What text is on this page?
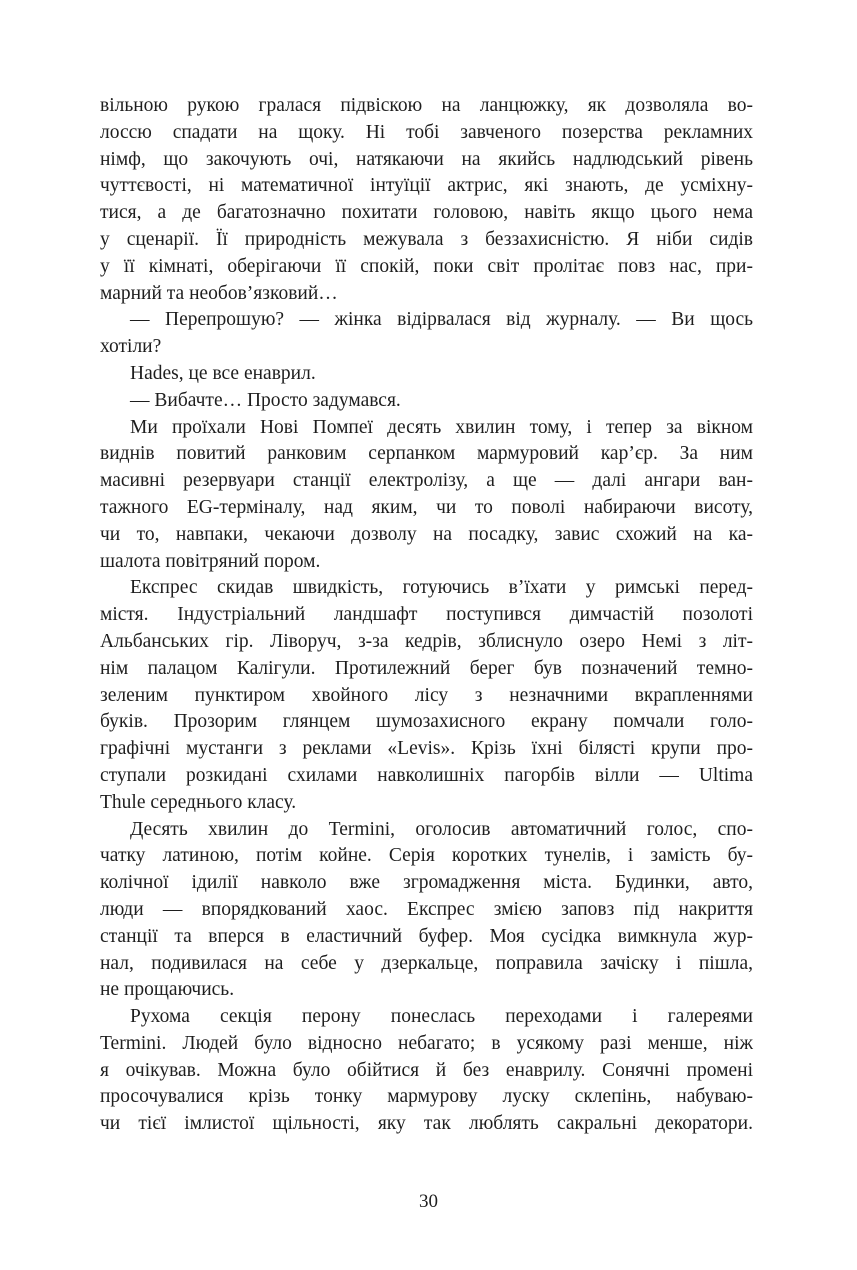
вільною рукою гралася підвіскою на ланцюжку, як дозволяла во-
лоссю спадати на щоку. Ні тобі завченого позерства рекламних
німф, що закочують очі, натякаючи на якийсь надлюдський рівень
чуттєвості, ні математичної інтуїції актрис, які знають, де усміхну-
тися, а де багатозначно похитати головою, навіть якщо цього нема
у сценарії. Її природність межувала з беззахисністю. Я ніби сидів
у її кімнаті, оберігаючи її спокій, поки світ пролітає повз нас, при-
марний та необов’язковий…
— Перепрошую? — жінка відірвалася від журналу. — Ви щось
хотіли?
Hades, це все енаврил.
— Вибачте… Просто задумався.
Ми проїхали Нові Помпеї десять хвилин тому, і тепер за вікном
виднів повитий ранковим серпанком мармуровий кар’єр. За ним
масивні резервуари станції електролізу, а ще — далі ангари ван-
тажного EG-терміналу, над яким, чи то поволі набираючи висоту,
чи то, навпаки, чекаючи дозволу на посадку, завис схожий на ка-
шалота повітряний пором.
Експрес скидав швидкість, готуючись в’їхати у римські перед-
містя. Індустріальний ландшафт поступився димчастій позолоті
Альбанських гір. Ліворуч, з-за кедрів, зблиснуло озеро Немі з літ-
нім палацом Калігули. Протилежний берег був позначений темно-
зеленим пунктиром хвойного лісу з незначними вкрапленнями
буків. Прозорим глянцем шумозахисного екрану помчали голо-
графічні мустанги з реклами «Levis». Крізь їхні білясті крупи про-
ступали розкидані схилами навколишніх пагорбів вілли — Ultima
Thule середнього класу.
Десять хвилин до Termini, оголосив автоматичний голос, спо-
чатку латиною, потім койне. Серія коротких тунелів, і замість бу-
колічної ідилії навколо вже згромадження міста. Будинки, авто,
люди — впорядкований хаос. Експрес змією заповз під накриття
станції та вперся в еластичний буфер. Моя сусідка вимкнула жур-
нал, подивилася на себе у дзеркальце, поправила зачіску і пішла,
не прощаючись.
Рухома секція перону понеслась переходами і галереями
Termini. Людей було відносно небагато; в усякому разі менше, ніж
я очікував. Можна було обійтися й без енаврилу. Сонячні промені
просочувалися крізь тонку мармурову луску склепінь, набуваю-
чи тієї імлистої щільності, яку так люблять сакральні декоратори.
30
